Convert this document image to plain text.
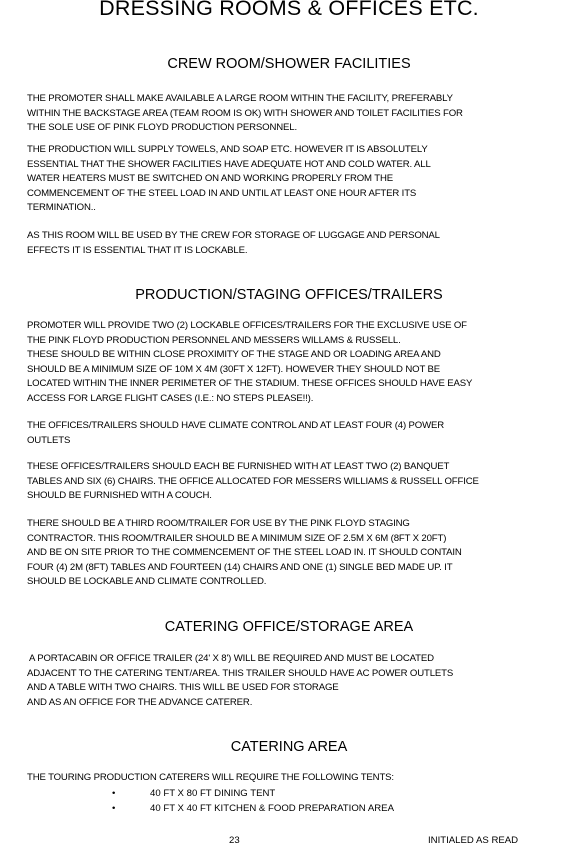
DRESSING ROOMS & OFFICES ETC.
CREW ROOM/SHOWER FACILITIES
THE PROMOTER SHALL MAKE AVAILABLE A LARGE ROOM WITHIN THE FACILITY, PREFERABLY
WITHIN THE BACKSTAGE AREA (TEAM ROOM IS OK) WITH SHOWER AND TOILET FACILITIES FOR
THE SOLE USE OF PINK FLOYD PRODUCTION PERSONNEL.
THE PRODUCTION WILL SUPPLY TOWELS, AND SOAP ETC. HOWEVER IT IS ABSOLUTELY
ESSENTIAL THAT THE SHOWER FACILITIES HAVE ADEQUATE HOT AND COLD WATER. ALL
WATER HEATERS MUST BE SWITCHED ON AND WORKING PROPERLY FROM THE
COMMENCEMENT OF THE STEEL LOAD IN AND UNTIL AT LEAST ONE HOUR AFTER ITS
TERMINATION..
AS THIS ROOM WILL BE USED BY THE CREW FOR STORAGE OF LUGGAGE AND PERSONAL
EFFECTS IT IS ESSENTIAL THAT IT IS LOCKABLE.
PRODUCTION/STAGING OFFICES/TRAILERS
PROMOTER WILL PROVIDE TWO (2) LOCKABLE OFFICES/TRAILERS FOR THE EXCLUSIVE USE OF
THE PINK FLOYD PRODUCTION PERSONNEL AND MESSERS WILLAMS & RUSSELL.
THESE SHOULD BE WITHIN CLOSE PROXIMITY OF THE STAGE AND OR LOADING AREA AND
SHOULD BE A MINIMUM SIZE OF 10M X 4M (30FT X 12FT). HOWEVER THEY SHOULD NOT BE
LOCATED WITHIN THE INNER PERIMETER OF THE STADIUM. THESE OFFICES SHOULD HAVE EASY
ACCESS FOR LARGE FLIGHT CASES (I.E.: NO STEPS PLEASE!!).
THE OFFICES/TRAILERS SHOULD HAVE CLIMATE CONTROL AND AT LEAST FOUR (4) POWER
OUTLETS
THESE OFFICES/TRAILERS SHOULD EACH BE FURNISHED WITH AT LEAST TWO (2) BANQUET
TABLES AND SIX (6) CHAIRS. THE OFFICE ALLOCATED FOR MESSERS WILLIAMS & RUSSELL OFFICE
SHOULD BE FURNISHED WITH A COUCH.
THERE SHOULD BE A THIRD ROOM/TRAILER FOR USE BY THE PINK FLOYD STAGING
CONTRACTOR. THIS ROOM/TRAILER SHOULD BE A MINIMUM SIZE OF 2.5M X 6M (8FT X 20FT)
AND BE ON SITE PRIOR TO THE COMMENCEMENT OF THE STEEL LOAD IN. IT SHOULD CONTAIN
FOUR (4) 2M (8FT) TABLES AND FOURTEEN (14) CHAIRS AND ONE (1) SINGLE BED MADE UP. IT
SHOULD BE LOCKABLE AND CLIMATE CONTROLLED.
CATERING OFFICE/STORAGE AREA
A PORTACABIN OR OFFICE TRAILER (24' X 8') WILL BE REQUIRED AND MUST BE LOCATED
ADJACENT TO THE CATERING TENT/AREA. THIS TRAILER SHOULD HAVE AC POWER OUTLETS
AND A TABLE WITH TWO CHAIRS. THIS WILL BE USED FOR STORAGE
AND AS AN OFFICE FOR THE ADVANCE CATERER.
CATERING AREA
THE TOURING PRODUCTION CATERERS WILL REQUIRE THE FOLLOWING TENTS:
•	40 FT X 80 FT DINING TENT
•	40 FT X 40 FT KITCHEN & FOOD PREPARATION AREA
23	INITIALED AS READ
